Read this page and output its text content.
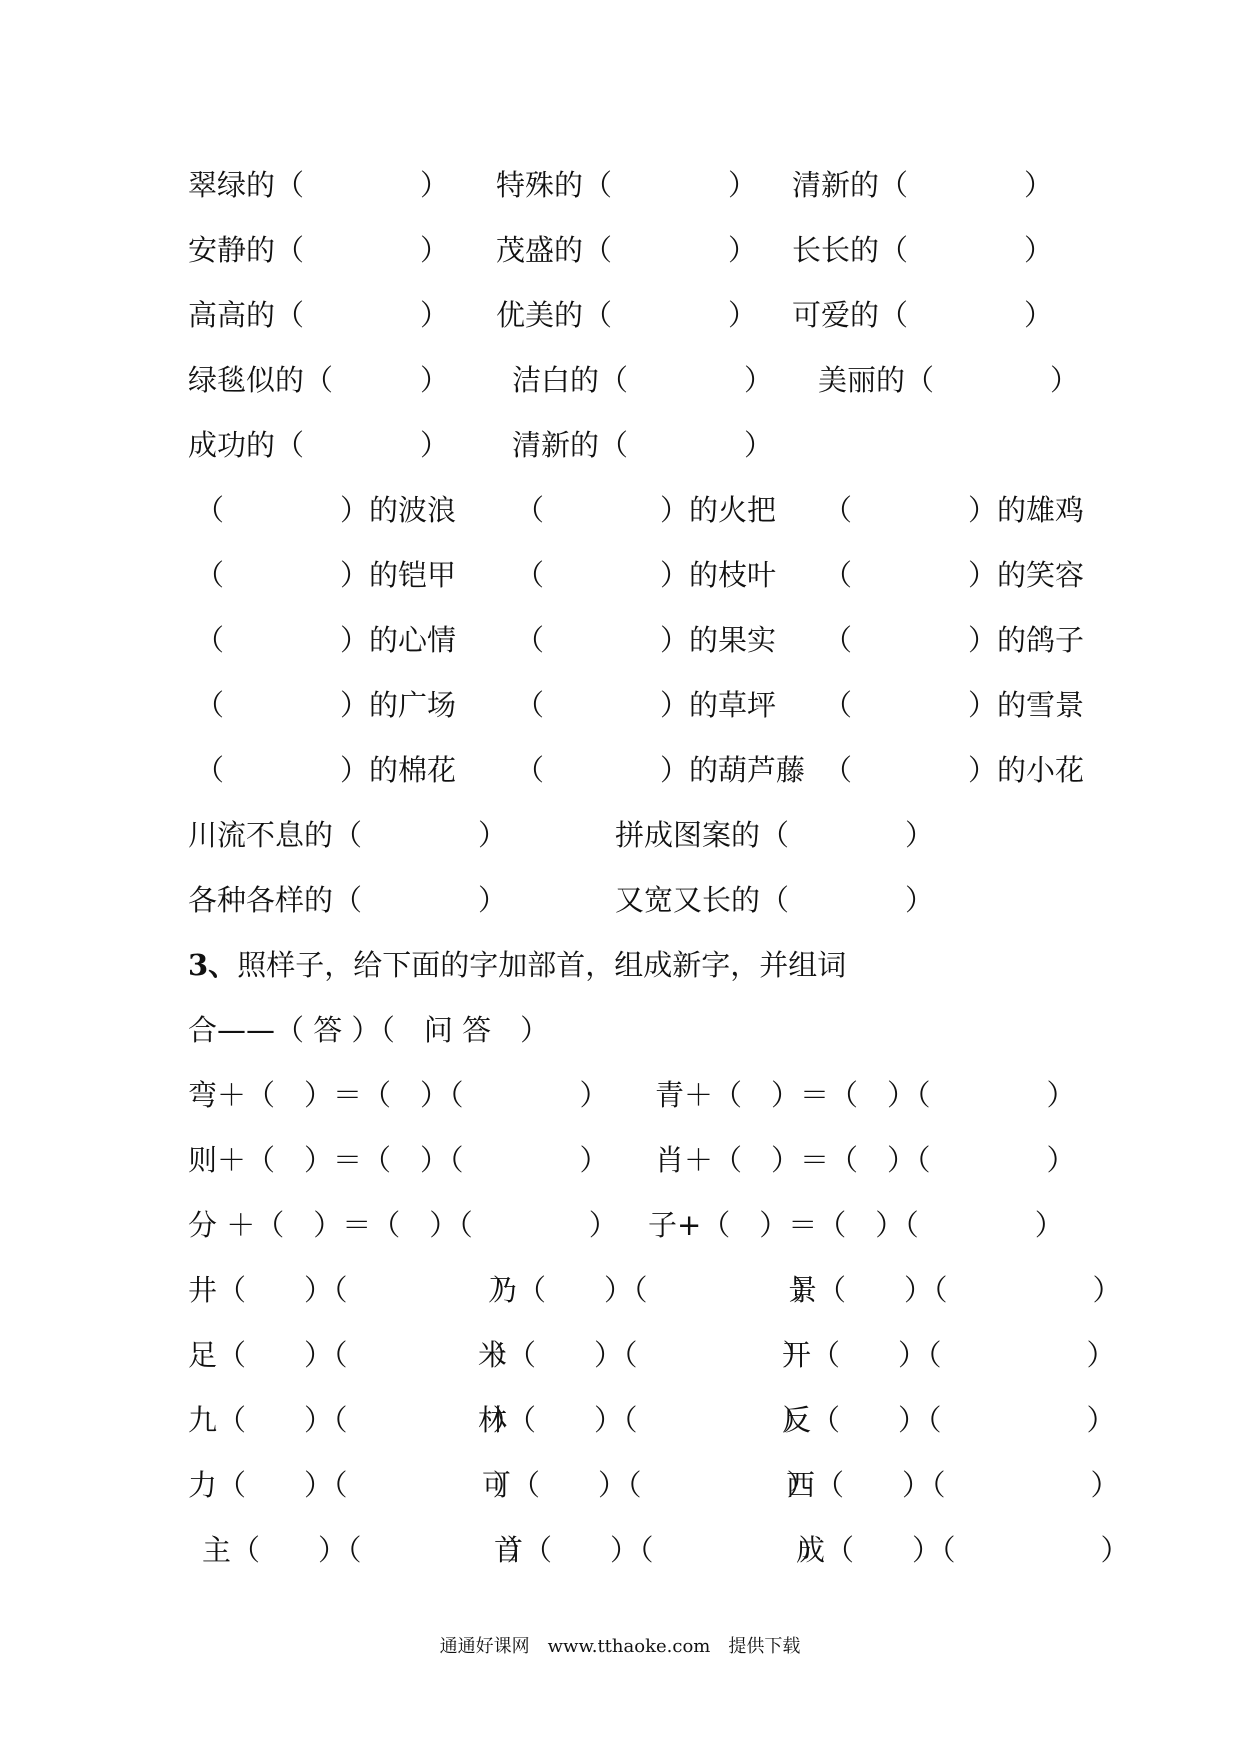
翠绿的（　　　　） 特殊的（　　　　） 清新的（　　　　）
安静的（　　　　） 茂盛的（　　　　） 长长的（　　　　）
高高的（　　　　） 优美的（　　　　） 可爱的（　　　　）
绿毯似的（　　　） 洁白的（　　　　） 美丽的（　　　　）
成功的（　　　　） 清新的（　　　　）
（　　　　）的波浪 （　　　　）的火把 （　　　　）的雄鸡
（　　　　）的铠甲 （　　　　）的枝叶 （　　　　）的笑容
（　　　　）的心情 （　　　　）的果实 （　　　　）的鸽子
（　　　　）的广场 （　　　　）的草坪 （　　　　）的雪景
（　　　　）的棉花 （　　　　）的葫芦藤 （　　　　）的小花
川流不息的（　　　　）	拼成图案的（　　　　）
各种各样的（　　　　）	又宽又长的（　　　　）
3、照样子，给下面的字加部首，组成新字，并组词
合——（ 答 ）（　问 答　）
弯＋（　）＝（　）（　　　　） 青＋（　）＝（　）（　　　　）
则＋（　）＝（　）（　　　　） 肖＋（　）＝（　）（　　　　）
分 ＋（　）＝（　）（　　　　） 子+（　）＝（　）（　　　　）
井（　　）（　　　　　）
乃（　　）（　　　　　）
景（　　）（　　　　　）
足（　　）（　　　　　）
米（　　）（　　　　　）
开（　　）（　　　　　）
九（　　）（　　　　　）
林（　　）（　　　　　）
反（　　）（　　　　　）
力（　　）（　　　　　）
可（　　）（　　　　　）
西（　　）（　　　　　）
主（　　）（　　　　　）
首（　　）（　　　　　）
成（　　）（　　　　　）
通通好课网　www.tthaoke.com　提供下载
